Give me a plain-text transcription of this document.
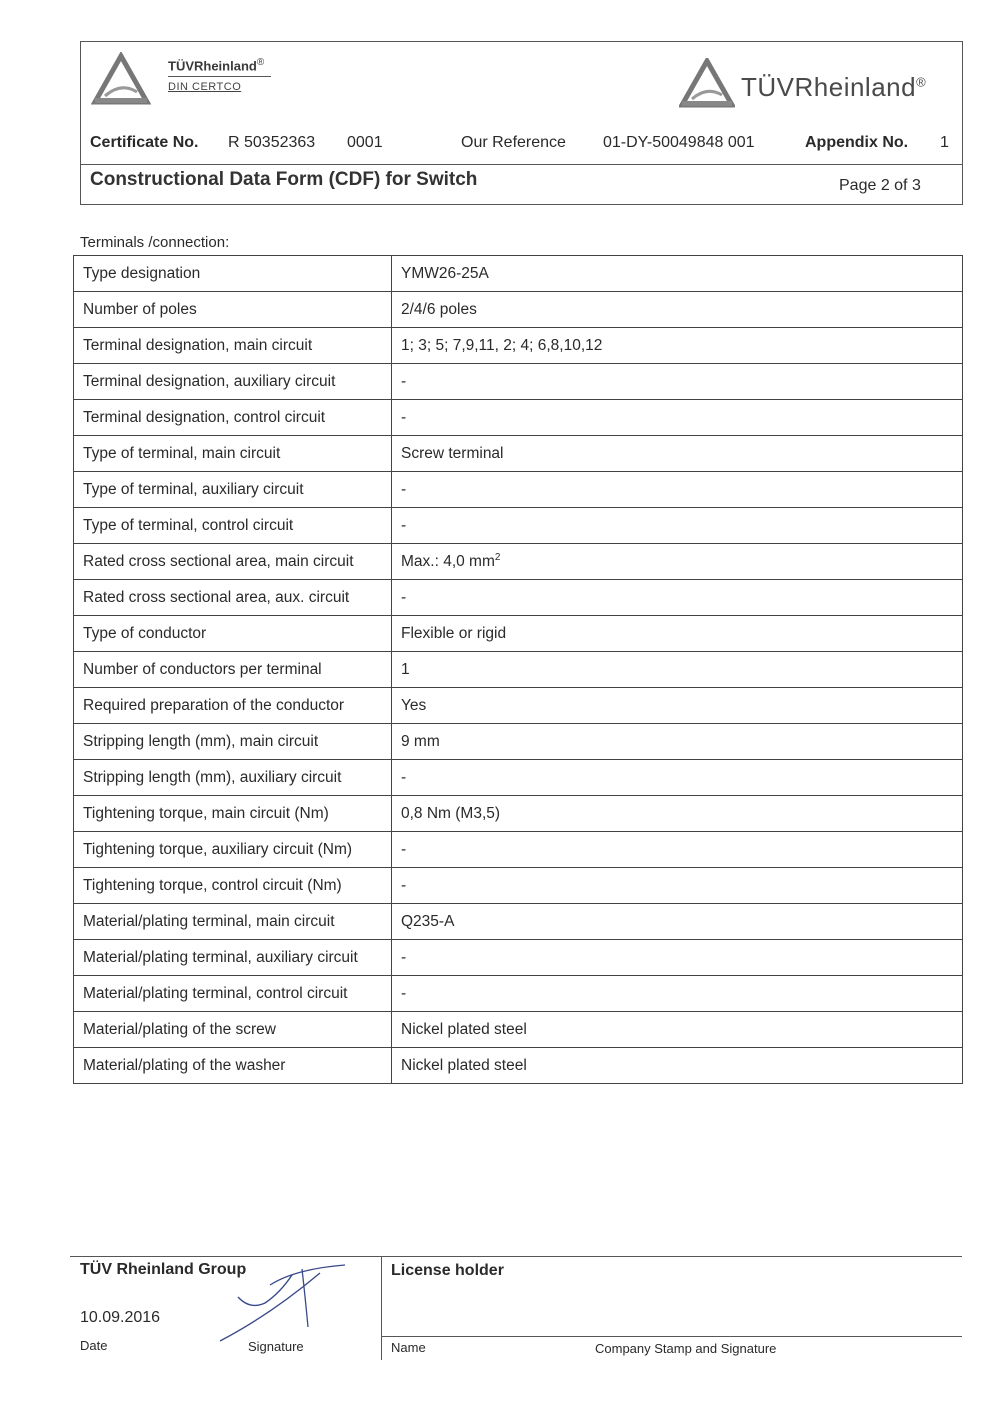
TÜVRheinland®
DIN CERTCO	TÜVRheinland®
Certificate No. R 50352363 0001	Our Reference 01-DY-50049848 001	Appendix No. 1
Constructional Data Form (CDF) for Switch	Page 2 of 3
Terminals /connection:
Type designation	YMW26-25A
Number of poles	2/4/6 poles
Terminal designation, main circuit	1; 3; 5; 7,9,11, 2; 4; 6,8,10,12
Terminal designation, auxiliary circuit	-
Terminal designation, control circuit	-
Type of terminal, main circuit	Screw terminal
Type of terminal, auxiliary circuit	-
Type of terminal, control circuit	-
Rated cross sectional area, main circuit	Max.: 4,0 $mm^2$
Rated cross sectional area, aux. circuit	-
Type of conductor	Flexible or rigid
Number of conductors per terminal	1
Required preparation of the conductor	Yes
Stripping length (mm), main circuit	9 mm
Stripping length (mm), auxiliary circuit	-
Tightening torque, main circuit (Nm)	0,8 Nm (M3,5)
Tightening torque, auxiliary circuit (Nm)	-
Tightening torque, control circuit (Nm)	-
Material/plating terminal, main circuit	Q235-A
Material/plating terminal, auxiliary circuit	-
Material/plating terminal, control circuit	-
Material/plating of the screw	Nickel plated steel
Material/plating of the washer	Nickel plated steel
TÜV Rheinland Group
10.09.2016
Date	Signature
License holder
Name	Company Stamp and Signature
